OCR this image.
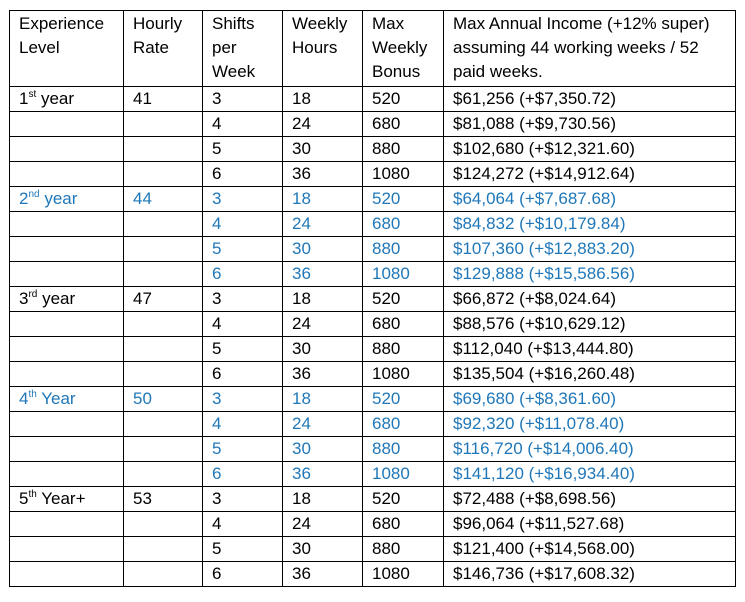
Experience Level	Hourly Rate	Shifts per Week	Weekly Hours	Max Weekly Bonus	Max Annual Income (+12% super) assuming 44 working weeks / 52 paid weeks.
1st year	41	3	18	520	$61,256 (+$7,350.72)
		4	24	680	$81,088 (+$9,730.56)
		5	30	880	$102,680 (+$12,321.60)
		6	36	1080	$124,272 (+$14,912.64)
2nd year	44	3	18	520	$64,064 (+$7,687.68)
		4	24	680	$84,832 (+$10,179.84)
		5	30	880	$107,360 (+$12,883.20)
		6	36	1080	$129,888 (+$15,586.56)
3rd year	47	3	18	520	$66,872 (+$8,024.64)
		4	24	680	$88,576 (+$10,629.12)
		5	30	880	$112,040 (+$13,444.80)
		6	36	1080	$135,504 (+$16,260.48)
4th Year	50	3	18	520	$69,680 (+$8,361.60)
		4	24	680	$92,320 (+$11,078.40)
		5	30	880	$116,720 (+$14,006.40)
		6	36	1080	$141,120 (+$16,934.40)
5th Year+	53	3	18	520	$72,488 (+$8,698.56)
		4	24	680	$96,064 (+$11,527.68)
		5	30	880	$121,400 (+$14,568.00)
		6	36	1080	$146,736 (+$17,608.32)
